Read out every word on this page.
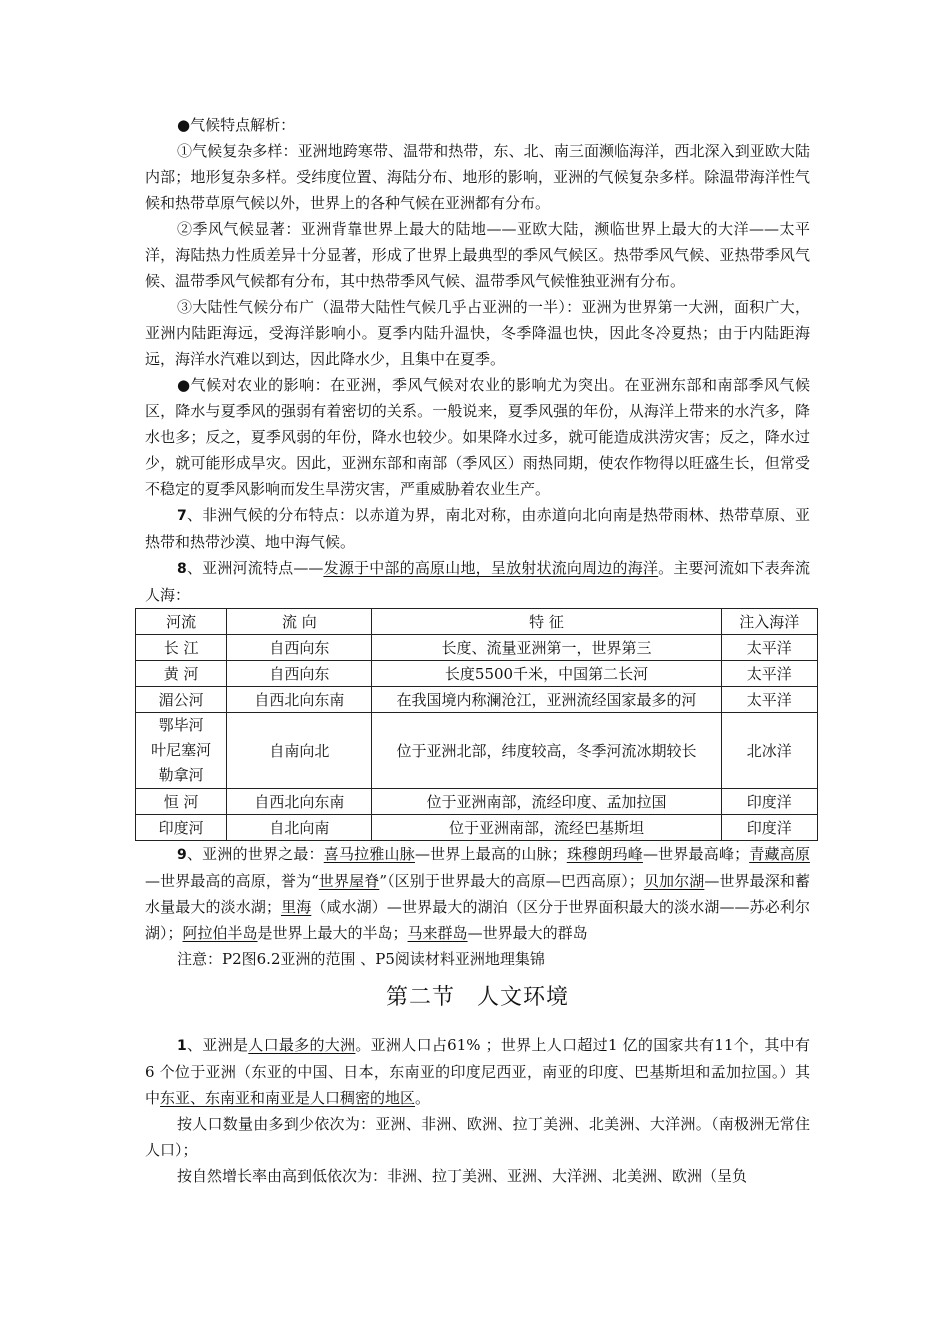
●气候特点解析：

①气候复杂多样：亚洲地跨寒带、温带和热带，东、北、南三面濒临海洋，西北深入到亚欧大陆内部；地形复杂多样。受纬度位置、海陆分布、地形的影响，亚洲的气候复杂多样。除温带海洋性气候和热带草原气候以外，世界上的各种气候在亚洲都有分布。

②季风气候显著：亚洲背靠世界上最大的陆地——亚欧大陆，濒临世界上最大的大洋——太平洋，海陆热力性质差异十分显著，形成了世界上最典型的季风气候区。热带季风气候、亚热带季风气候、温带季风气候都有分布，其中热带季风气候、温带季风气候惟独亚洲有分布。

③大陆性气候分布广（温带大陆性气候几乎占亚洲的一半）：亚洲为世界第一大洲，面积广大，亚洲内陆距海远，受海洋影响小。夏季内陆升温快，冬季降温也快，因此冬冷夏热；由于内陆距海远，海洋水汽难以到达，因此降水少，且集中在夏季。

●气候对农业的影响：在亚洲，季风气候对农业的影响尤为突出。在亚洲东部和南部季风气候区，降水与夏季风的强弱有着密切的关系。一般说来，夏季风强的年份，从海洋上带来的水汽多，降水也多；反之，夏季风弱的年份，降水也较少。如果降水过多，就可能造成洪涝灾害；反之，降水过少，就可能形成旱灾。因此，亚洲东部和南部（季风区）雨热同期，使农作物得以旺盛生长，但常受不稳定的夏季风影响而发生旱涝灾害，严重威胁着农业生产。

7、非洲气候的分布特点：以赤道为界，南北对称，由赤道向北向南是热带雨林、热带草原、亚热带和热带沙漠、地中海气候。

8、亚洲河流特点——发源于中部的高原山地，呈放射状流向周边的海洋。主要河流如下表奔流人海：

河流	流 向	特 征	注入海洋
长 江	自西向东	长度、流量亚洲第一，世界第三	太平洋
黄 河	自西向东	长度5500千米，中国第二长河	太平洋
湄公河	自西北向东南	在我国境内称澜沧江，亚洲流经国家最多的河	太平洋

鄂毕河
叶尼塞河
勒拿河	自南向北	位于亚洲北部，纬度较高，冬季河流冰期较长	北冰洋
恒 河	自西北向东南	位于亚洲南部，流经印度、孟加拉国	印度洋
印度河	自北向南	位于亚洲南部，流经巴基斯坦	印度洋

9、亚洲的世界之最：喜马拉雅山脉—世界上最高的山脉；珠穆朗玛峰—世界最高峰；青藏高原—世界最高的高原，誉为“世界屋脊”（区别于世界最大的高原—巴西高原）；贝加尔湖—世界最深和蓄水量最大的淡水湖；里海（咸水湖）—世界最大的湖泊（区分于世界面积最大的淡水湖——苏必利尔湖）；阿拉伯半岛是世界上最大的半岛；马来群岛—世界最大的群岛

注意：P2图6.2亚洲的范围 、P5阅读材料亚洲地理集锦

第二节 人文环境

1、亚洲是人口最多的大洲。亚洲人口占61% ；世界上人口超过1 亿的国家共有11个，其中有 6 个位于亚洲（东亚的中国、日本，东南亚的印度尼西亚，南亚的印度、巴基斯坦和孟加拉国。）其中东亚、东南亚和南亚是人口稠密的地区。

按人口数量由多到少依次为：亚洲、非洲、欧洲、拉丁美洲、北美洲、大洋洲。（南极洲无常住人口）；

按自然增长率由高到低依次为：非洲、拉丁美洲、亚洲、大洋洲、北美洲、欧洲（呈负
